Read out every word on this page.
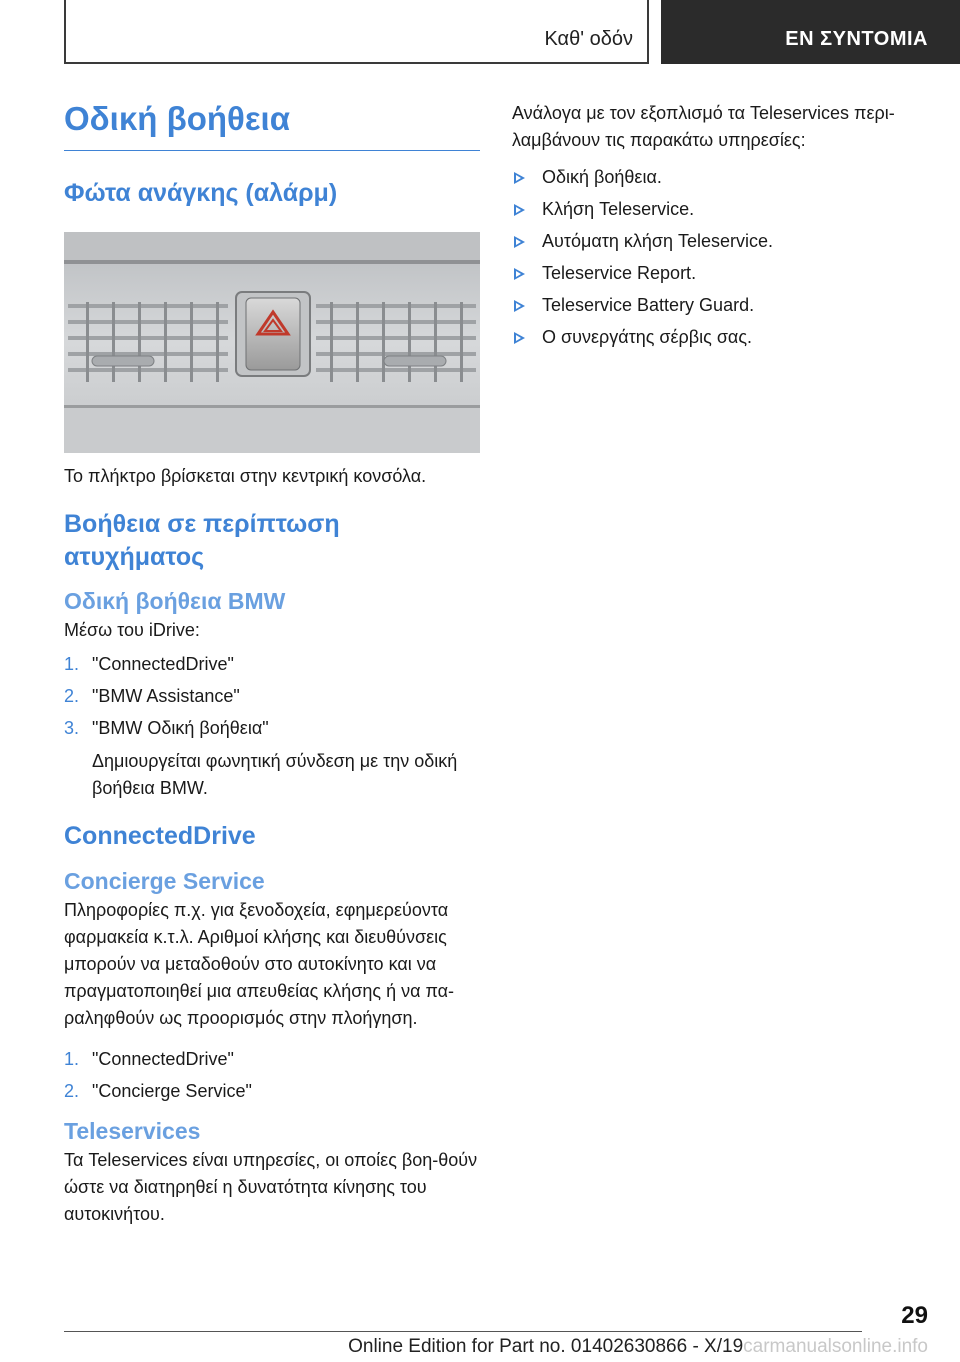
Καθ' οδόν	ΕΝ ΣΥΝΤΟΜΙΑ
Οδική βοήθεια
Φώτα ανάγκης (αλάρμ)

Το πλήκτρο βρίσκεται στην κεντρική κονσόλα.

Βοήθεια σε περίπτωση ατυχήματος
Οδική βοήθεια BMW

Μέσω του iDrive:

1. "ConnectedDrive"
2. "BMW Assistance"
3. "BMW Οδική βοήθεια"
Δημιουργείται φωνητική σύνδεση με την οδική βοήθεια BMW.
ConnectedDrive
Concierge Service

Πληροφορίες π.χ. για ξενοδοχεία, εφημερεύοντα φαρμακεία κ.τ.λ. Αριθμοί κλήσης και διευθύνσεις μπορούν να μεταδοθούν στο αυτοκίνητο και να πραγματοποιηθεί μια απευθείας κλήσης ή να πα‐ραληφθούν ως προορισμός στην πλοήγηση.

1. "ConnectedDrive"
2. "Concierge Service"
Teleservices

Τα Teleservices είναι υπηρεσίες, οι οποίες βοη‐θούν ώστε να διατηρηθεί η δυνατότητα κίνησης του αυτοκινήτου.

Ανάλογα με τον εξοπλισμό τα Teleservices περι‐λαμβάνουν τις παρακάτω υπηρεσίες:

Οδική βοήθεια.
Κλήση Teleservice.
Αυτόματη κλήση Teleservice.
Teleservice Report.
Teleservice Battery Guard.
Ο συνεργάτης σέρβις σας.
29
Online Edition for Part no. 01402630866 - X/19carmanualsonline.info
